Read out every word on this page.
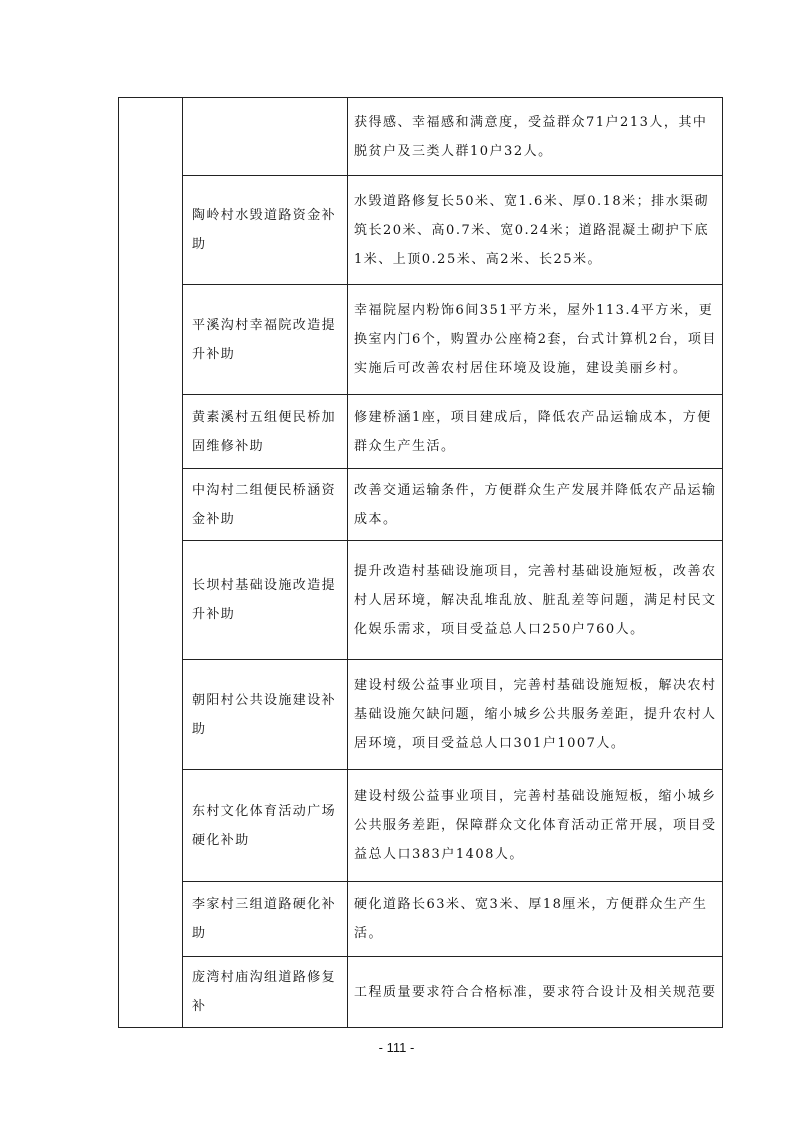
		获得感、幸福感和满意度，受益群众71户213人，其中脱贫户及三类人群10户32人。
	陶岭村水毁道路资金补助	水毁道路修复长50米、宽1.6米、厚0.18米；排水渠砌筑长20米、高0.7米、宽0.24米；道路混凝土砌护下底1米、上顶0.25米、高2米、长25米。
	平溪沟村幸福院改造提升补助	幸福院屋内粉饰6间351平方米，屋外113.4平方米，更换室内门6个，购置办公座椅2套，台式计算机2台，项目实施后可改善农村居住环境及设施，建设美丽乡村。
	黄素溪村五组便民桥加固维修补助	修建桥涵1座，项目建成后，降低农产品运输成本，方便群众生产生活。
	中沟村二组便民桥涵资金补助	改善交通运输条件，方便群众生产发展并降低农产品运输成本。
	长坝村基础设施改造提升补助	提升改造村基础设施项目，完善村基础设施短板，改善农村人居环境，解决乱堆乱放、脏乱差等问题，满足村民文化娱乐需求，项目受益总人口250户760人。
	朝阳村公共设施建设补助	建设村级公益事业项目，完善村基础设施短板，解决农村基础设施欠缺问题，缩小城乡公共服务差距，提升农村人居环境，项目受益总人口301户1007人。
	东村文化体育活动广场硬化补助	建设村级公益事业项目，完善村基础设施短板，缩小城乡公共服务差距，保障群众文化体育活动正常开展，项目受益总人口383户1408人。
	李家村三组道路硬化补助	硬化道路长63米、宽3米、厚18厘米，方便群众生产生活。
	庞湾村庙沟组道路修复补	工程质量要求符合合格标准，要求符合设计及相关规范要
- 111 -
